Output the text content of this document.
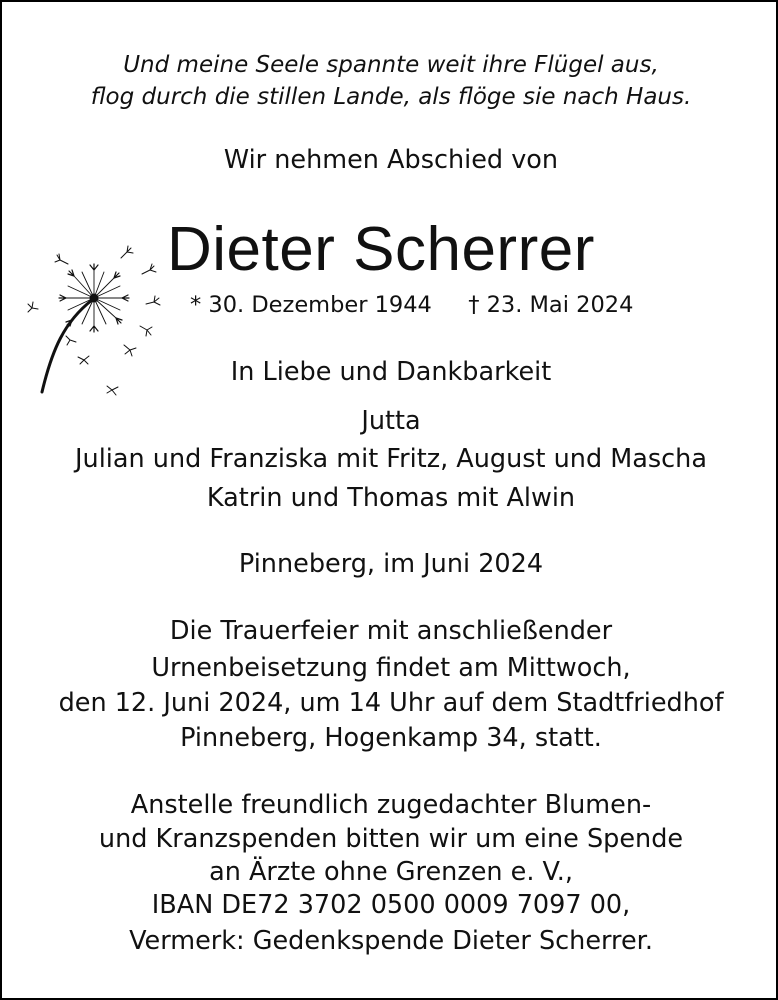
Und meine Seele spannte weit ihre Flügel aus,
flog durch die stillen Lande, als flöge sie nach Haus.
Wir nehmen Abschied von
Dieter Scherrer
* 30. Dezember 1944 † 23. Mai 2024
In Liebe und Dankbarkeit
Jutta
Julian und Franziska mit Fritz, August und Mascha
Katrin und Thomas mit Alwin
Pinneberg, im Juni 2024
Die Trauerfeier mit anschließender
Urnenbeisetzung findet am Mittwoch,
den 12. Juni 2024, um 14 Uhr auf dem Stadtfriedhof
Pinneberg, Hogenkamp 34, statt.
Anstelle freundlich zugedachter Blumen-
und Kranzspenden bitten wir um eine Spende
an Ärzte ohne Grenzen e. V.,
IBAN DE72 3702 0500 0009 7097 00,
Vermerk: Gedenkspende Dieter Scherrer.
